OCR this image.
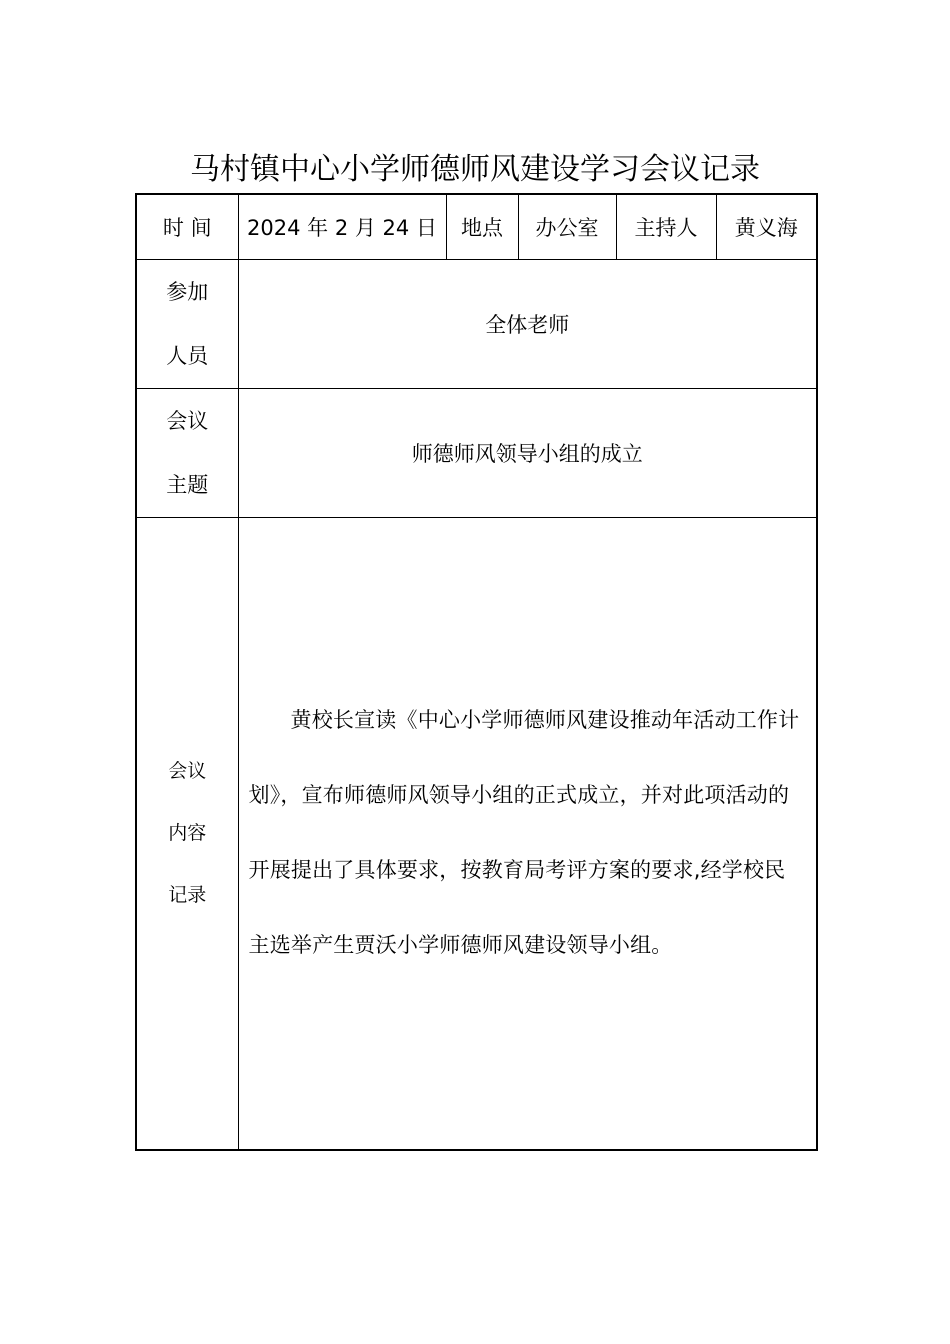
马村镇中心小学师德师风建设学习会议记录
时 间	2024 年 2 月 24 日	地点	办公室	主持人	黄义海

参加
人员	全体老师				

会议
主题	师德师风领导小组的成立				

会议
内容
记录	黄校长宣读《中心小学师德师风建设推动年活动工作计划》，宣布师德师风领导小组的正式成立，并对此项活动的开展提出了具体要求，按教育局考评方案的要求,经学校民主选举产生贾沃小学师德师风建设领导小组。				
